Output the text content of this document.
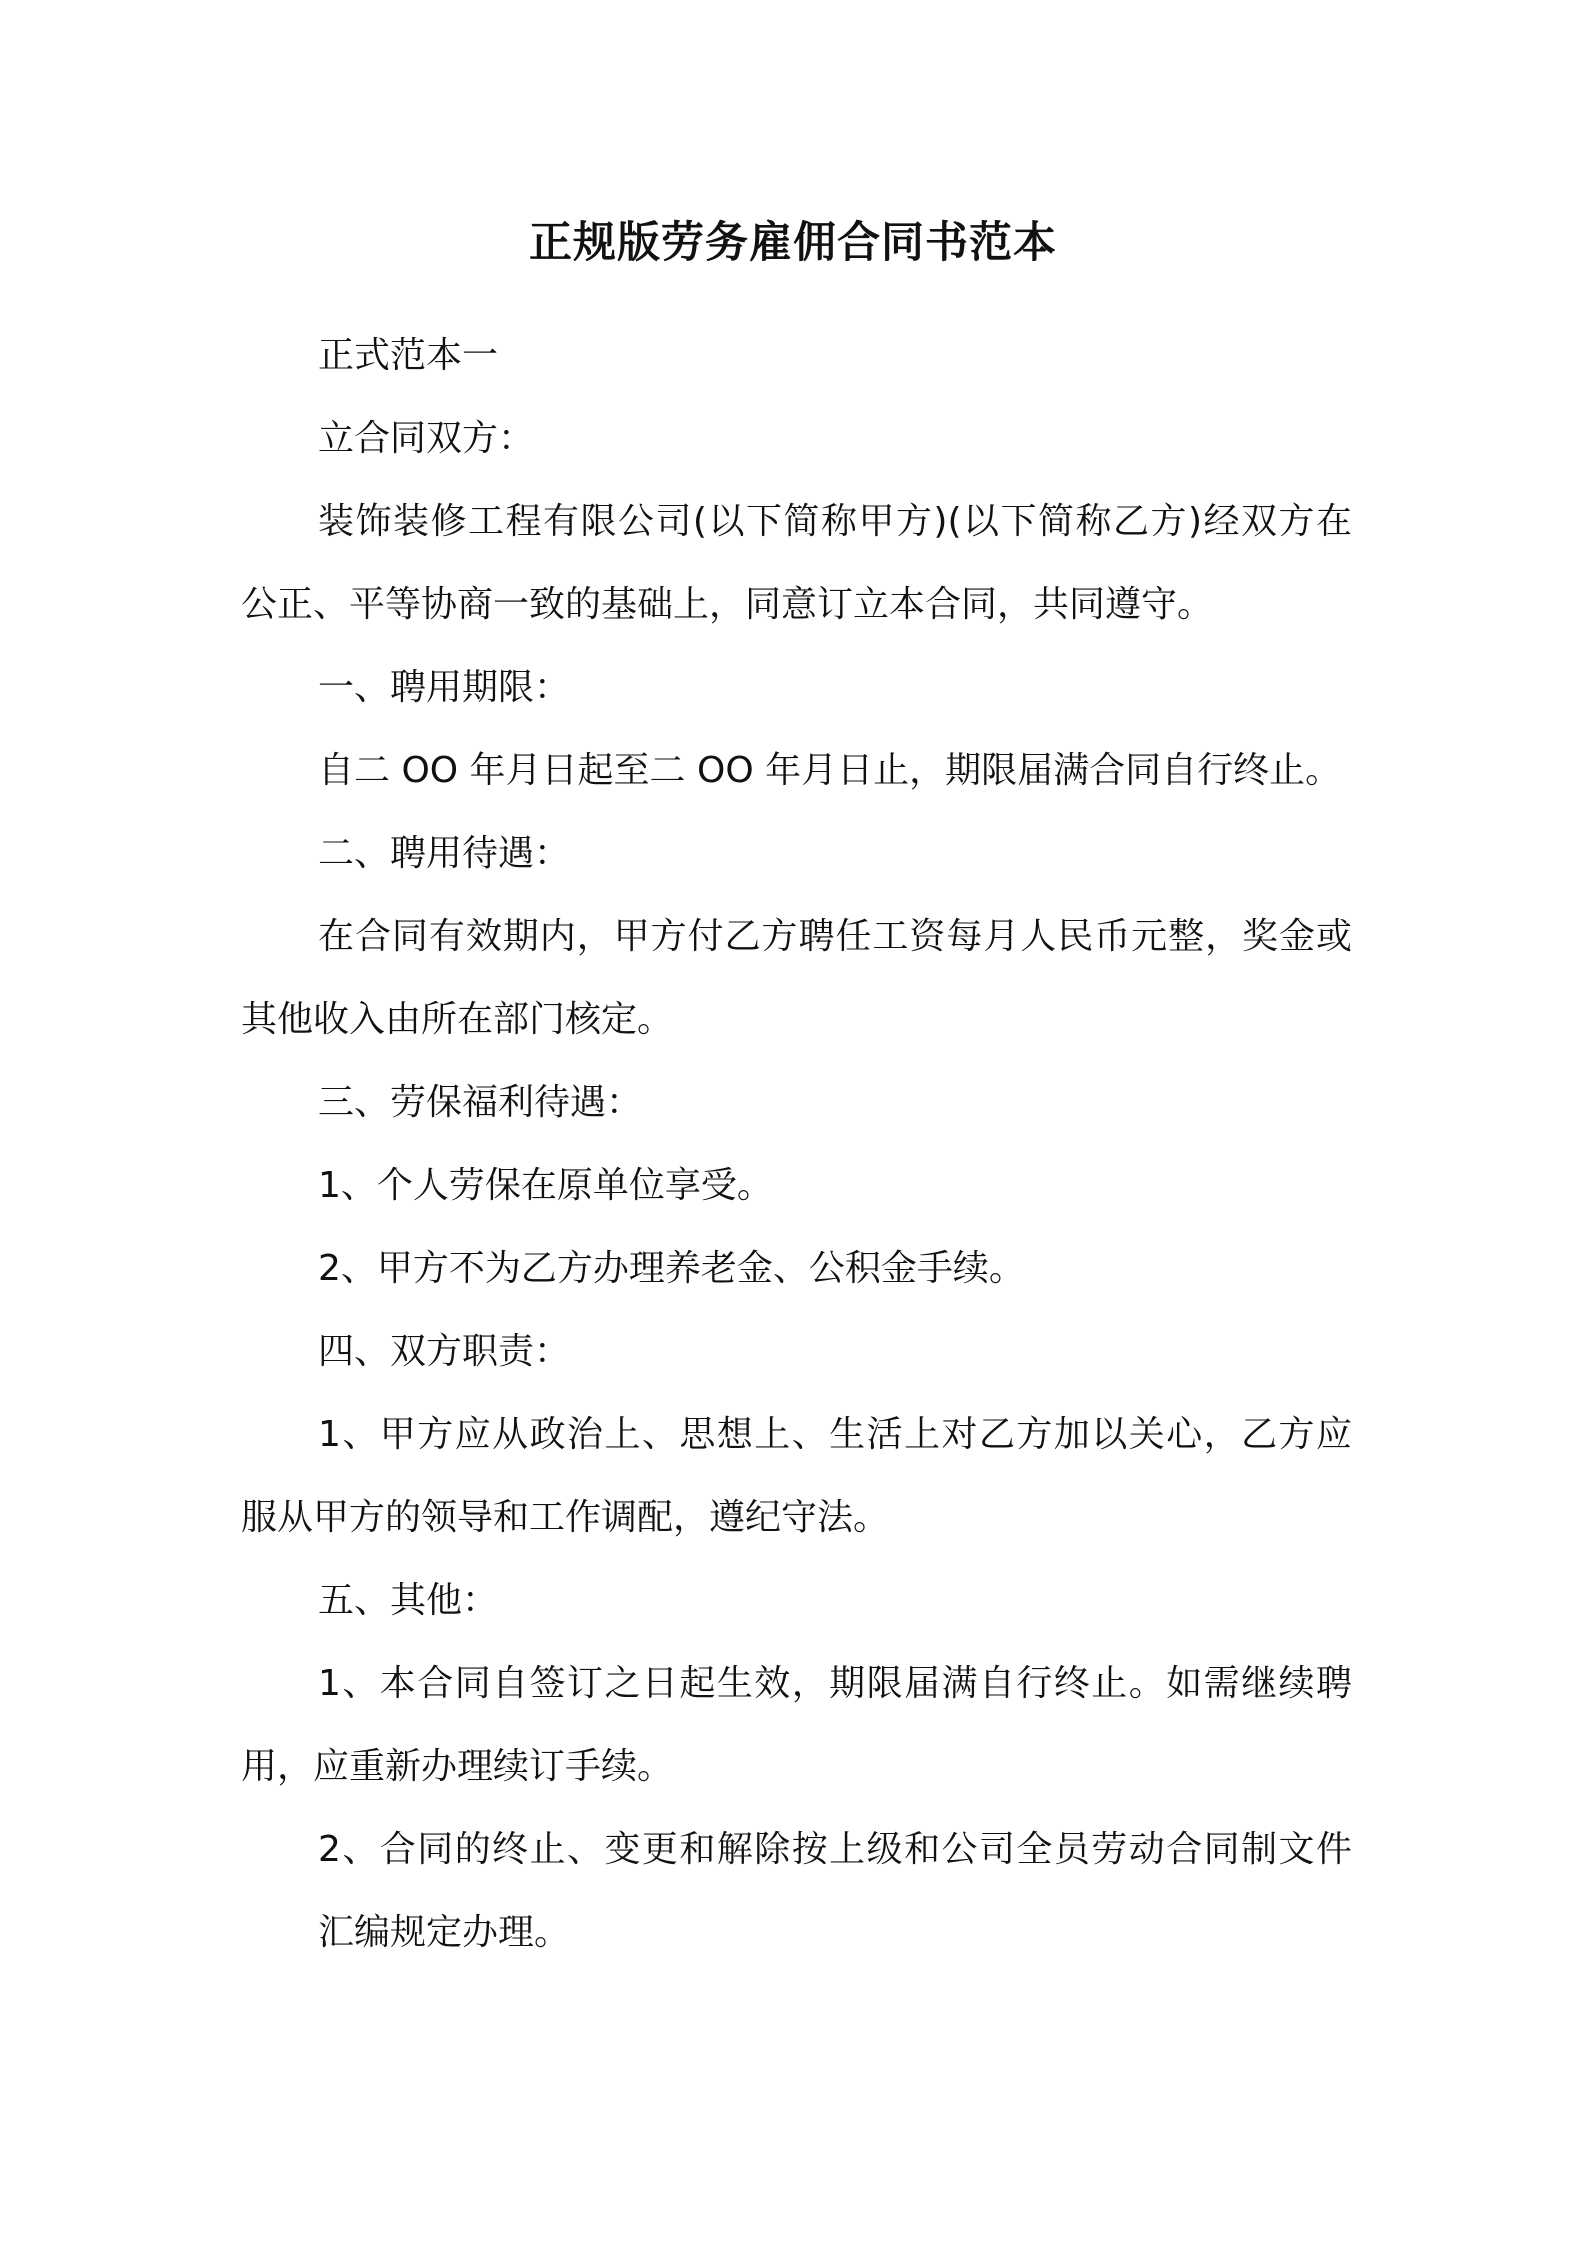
正规版劳务雇佣合同书范本

正式范本一

立合同双方：

装饰装修工程有限公司(以下简称甲方)(以下简称乙方)经双方在

公正、平等协商一致的基础上，同意订立本合同，共同遵守。

一、聘用期限：

自二 OO 年月日起至二 OO 年月日止，期限届满合同自行终止。

二、聘用待遇：

在合同有效期内，甲方付乙方聘任工资每月人民币元整，奖金或

其他收入由所在部门核定。

三、劳保福利待遇：

1、个人劳保在原单位享受。

2、甲方不为乙方办理养老金、公积金手续。

四、双方职责：

1、甲方应从政治上、思想上、生活上对乙方加以关心，乙方应

服从甲方的领导和工作调配，遵纪守法。

五、其他：

1、本合同自签订之日起生效，期限届满自行终止。如需继续聘

用，应重新办理续订手续。

2、合同的终止、变更和解除按上级和公司全员劳动合同制文件

汇编规定办理。
